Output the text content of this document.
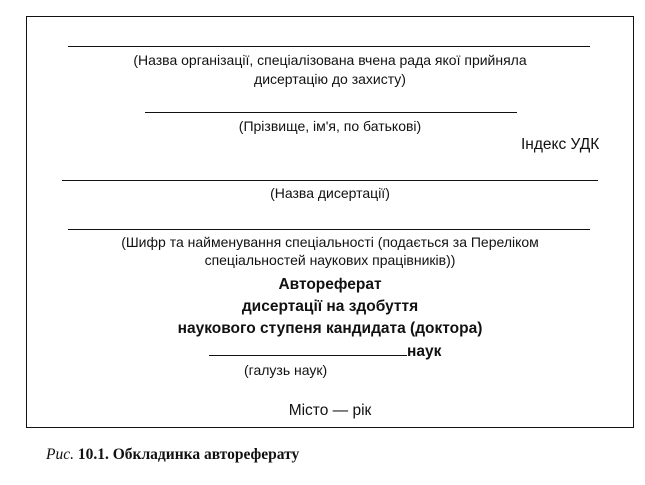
(Назва організації, спеціалізована вчена рада якої прийняла
дисертацію до захисту)
(Прізвище, ім'я, по батькові)
Індекс УДК
(Назва дисертації)
(Шифр та найменування спеціальності (подається за Переліком
спеціальностей наукових працівників))
Автореферат
дисертації на здобуття
наукового ступеня кандидата (доктора)
наук
(галузь наук)
Місто — рік
Рис. 10.1. Обкладинка автореферату
